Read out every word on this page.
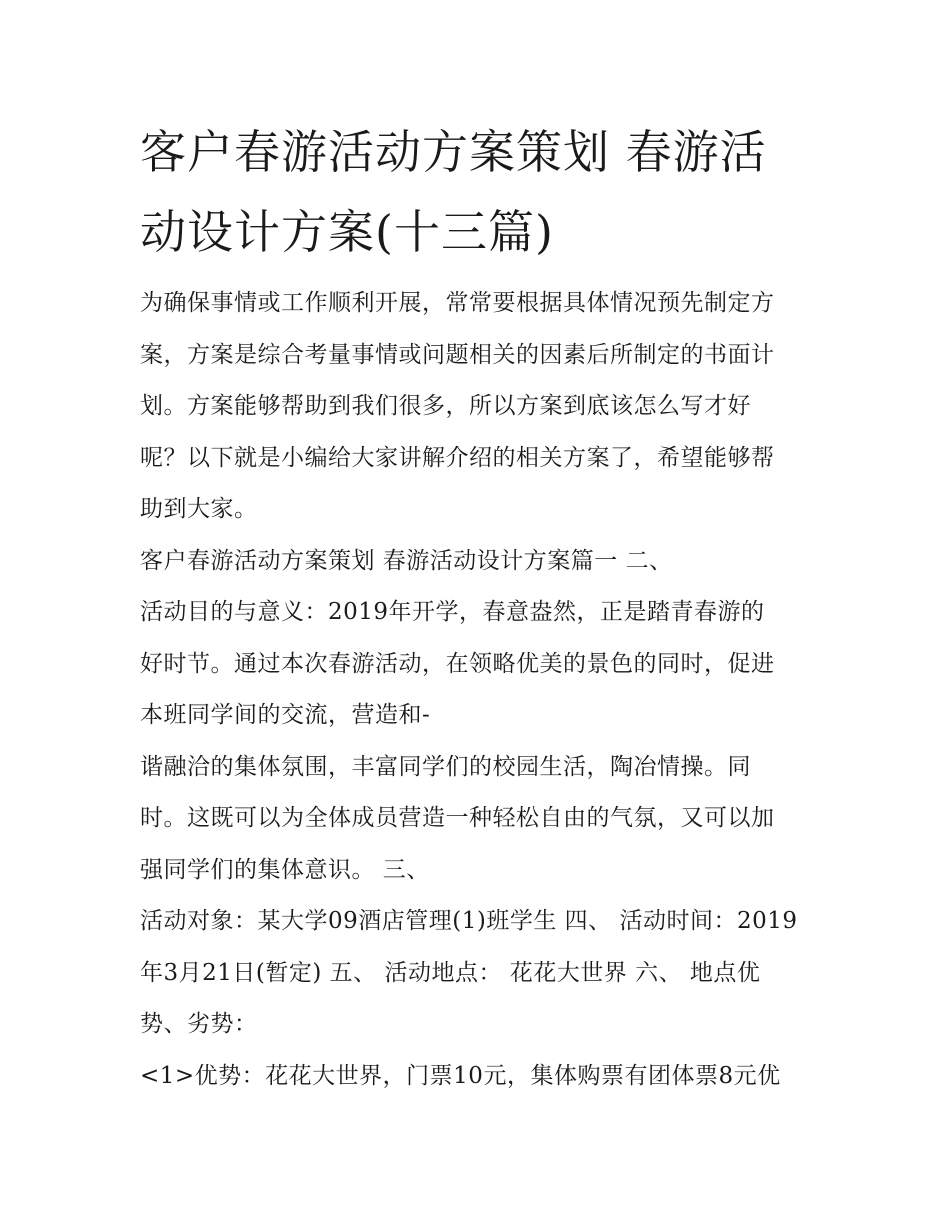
客户春游活动方案策划 春游活
动设计方案(十三篇)
为确保事情或工作顺利开展，常常要根据具体情况预先制定方
案，方案是综合考量事情或问题相关的因素后所制定的书面计
划。方案能够帮助到我们很多，所以方案到底该怎么写才好
呢？以下就是小编给大家讲解介绍的相关方案了，希望能够帮
助到大家。
客户春游活动方案策划 春游活动设计方案篇一 二、
活动目的与意义：2019年开学，春意盎然，正是踏青春游的
好时节。通过本次春游活动，在领略优美的景色的同时，促进
本班同学间的交流，营造和-
谐融洽的集体氛围，丰富同学们的校园生活，陶冶情操。同
时。这既可以为全体成员营造一种轻松自由的气氛，又可以加
强同学们的集体意识。 三、
活动对象：某大学09酒店管理(1)班学生 四、 活动时间：2019
年3月21日(暂定) 五、 活动地点： 花花大世界 六、 地点优
势、劣势：
<1>优势：花花大世界，门票10元，集体购票有团体票8元优
